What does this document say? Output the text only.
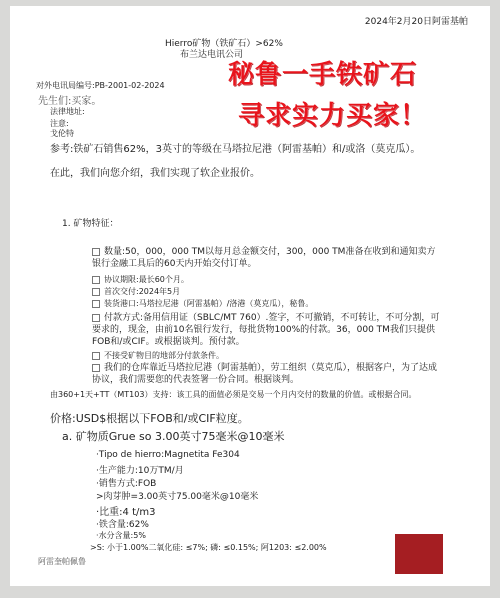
2024年2月20日阿雷基帕
Hierro矿物（铁矿石）>62%
布兰达电讯公司
秘鲁一手铁矿石
寻求实力买家！
对外电讯局编号:PB-2001-02-2024
先生们:买家。
法律地址:
注意:
戈伦特
参考:铁矿石销售62%，3英寸的等级在马塔拉尼港（阿雷基帕）和/或洛（莫克瓜）。
在此，我们向您介绍，我们实现了软企业报价。
1. 矿物特征：
数量:50，000，000 TM以每月总金额交付，300，000 TM准备在收到和通知卖方银行金融工具后的60天内开始交付订单。
协议期限:最长60个月。
首次交付:2024年5月
装货港口:马塔拉尼港（阿雷基帕）/洛港（莫克瓜），秘鲁。
付款方式:备用信用证（SBLC/MT 760）.签字，不可撤销，不可转让，不可分割，可要求的，现金，由前10名银行发行，每批货物100%的付款。36，000 TM我们只提供FOB和/或CIF。或根据谈判。预付款。
不接受矿物目的地部分付款条件。
我们的仓库靠近马塔拉尼港（阿雷基帕），劳工组织（莫克瓜），根据客户，为了达成协议，我们需要您的代表签署一份合同。根据谈判。
由360+1天+TT（MT103）支持：该工具的面值必须是交易一个月内交付的数量的价值。或根据合同。
价格:USD$根据以下FOB和/或CIF粒度。
a. 矿物质Grue so 3.00英寸75毫米@10毫米
·Tipo de hierro:Magnetita Fe304
·生产能力:10万TM/月
·销售方式:FOB
>肉芽肿=3.00英寸75.00毫米@10毫米
·比重:4 t/m3
·铁含量:62%
·水分含量:5%
>S: 小于1.00%二氧化硅: ≤7%; 磷: ≤0.15%; 阿1203: ≤2.00%
阿雷奎帕佩鲁
